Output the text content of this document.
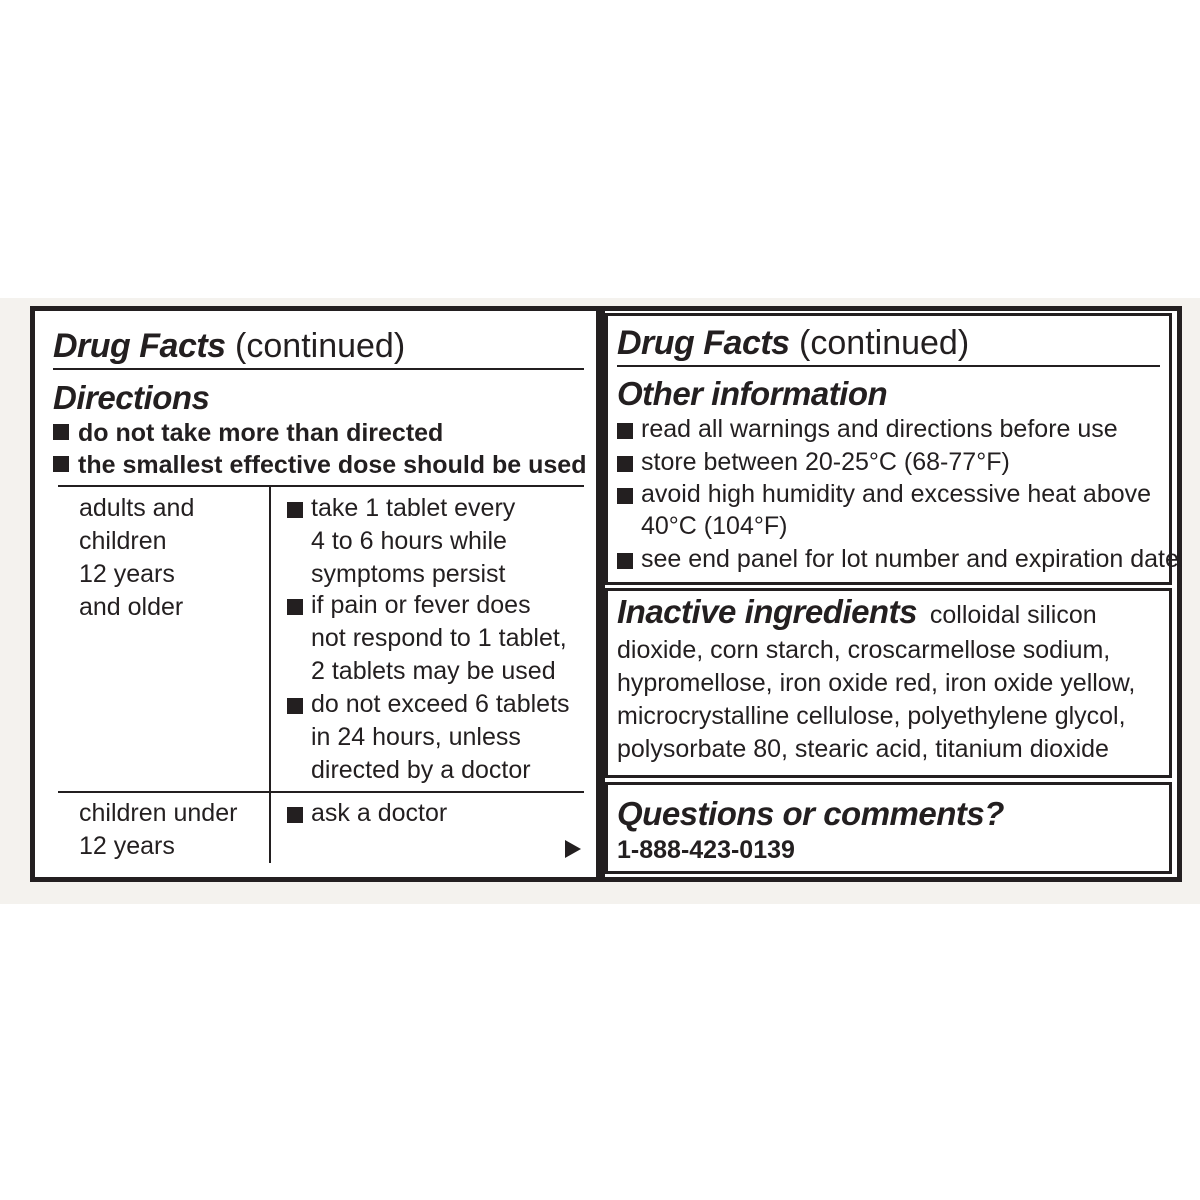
Drug Facts (continued)
Directions
do not take more than directed
the smallest effective dose should be used
adults and
children
12 years
and older
take 1 tablet every
4 to 6 hours while
symptoms persist
if pain or fever does
not respond to 1 tablet,
2 tablets may be used
do not exceed 6 tablets
in 24 hours, unless
directed by a doctor
children under
12 years
ask a doctor
Drug Facts (continued)
Other information
read all warnings and directions before use
store between 20-25°C (68-77°F)
avoid high humidity and excessive heat above
40°C (104°F)
see end panel for lot number and expiration date
Inactive ingredients colloidal silicon
dioxide, corn starch, croscarmellose sodium,
hypromellose, iron oxide red, iron oxide yellow,
microcrystalline cellulose, polyethylene glycol,
polysorbate 80, stearic acid, titanium dioxide
Questions or comments?
1-888-423-0139
